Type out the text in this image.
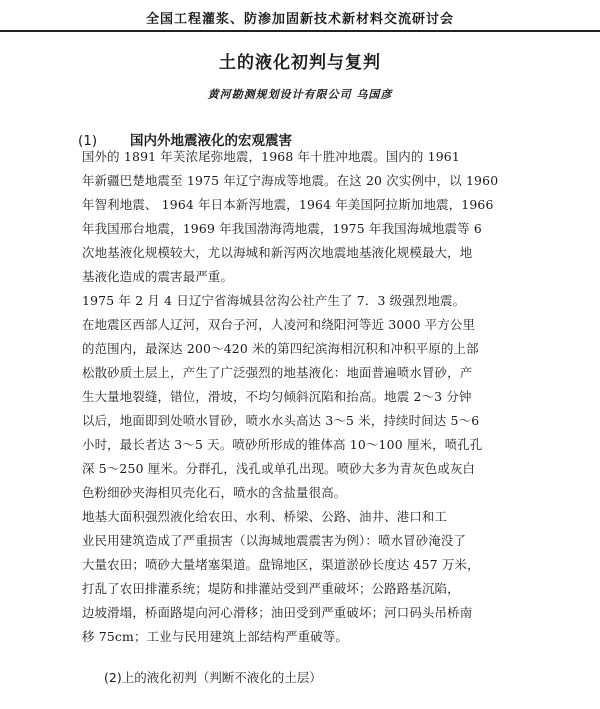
全国工程灌浆、防渗加固新技术新材料交流研讨会
土的液化初判与复判
黄河勘测规划设计有限公司 乌国彦
(1) 国内外地震液化的宏观震害
国外的 1891 年芙浓尾弥地震，1968 年十胜冲地震。国内的 1961
年新疆巴楚地震至 1975 年辽宁海成等地震。在这 20 次实例中，以 1960
年智利地震、 1964 年日本新泻地震，1964 年美国阿拉斯加地震，1966
年我国邢台地震，1969 年我国渤海湾地震，1975 年我国海城地震等 6
次地基液化规模较大，尤以海城和新泻两次地震地基液化规模最大，地
基液化造成的震害最严重。
1975 年 2 月 4 日辽宁省海城县岔沟公社产生了 7．3 级强烈地震。
在地震区西部人辽河，双台子河，人凌河和绕阳河等近 3000 平方公里
的范围内，最深达 200～420 米的第四纪滨海相沉积和冲积平原的上部
松散砂质土层上，产生了广泛强烈的地基液化：地面普遍喷水冒砂，产
生大量地裂缝，错位，滑坡，不均匀倾斜沉陷和抬高。地震 2～3 分钟
以后，地面即到处喷水冒砂，喷水水头高达 3～5 米，持续时间达 5～6
小时，最长者达 3～5 天。喷砂所形成的锥体高 10～100 厘米，喷孔孔
深 5～250 厘米。分群孔，浅孔或单孔出现。喷砂大多为青灰色或灰白
色粉细砂夹海相贝壳化石，喷水的含盐量很高。
地基大面积强烈液化给农田、水利、桥梁、公路、油井、港口和工
业民用建筑造成了严重损害（以海城地震震害为例）：喷水冒砂淹没了
大量农田；喷砂大量堵塞渠道。盘锦地区，渠道淤砂长度达 457 万米，
打乱了农田排灌系统；堤防和排灌站受到严重破坏；公路路基沉陷，
边坡滑塌，桥面路堤向河心滑移；油田受到严重破坏；河口码头吊桥南
移 75cm；工业与民用建筑上部结构严重破等。
(2)上的液化初判（判断不液化的土层）
